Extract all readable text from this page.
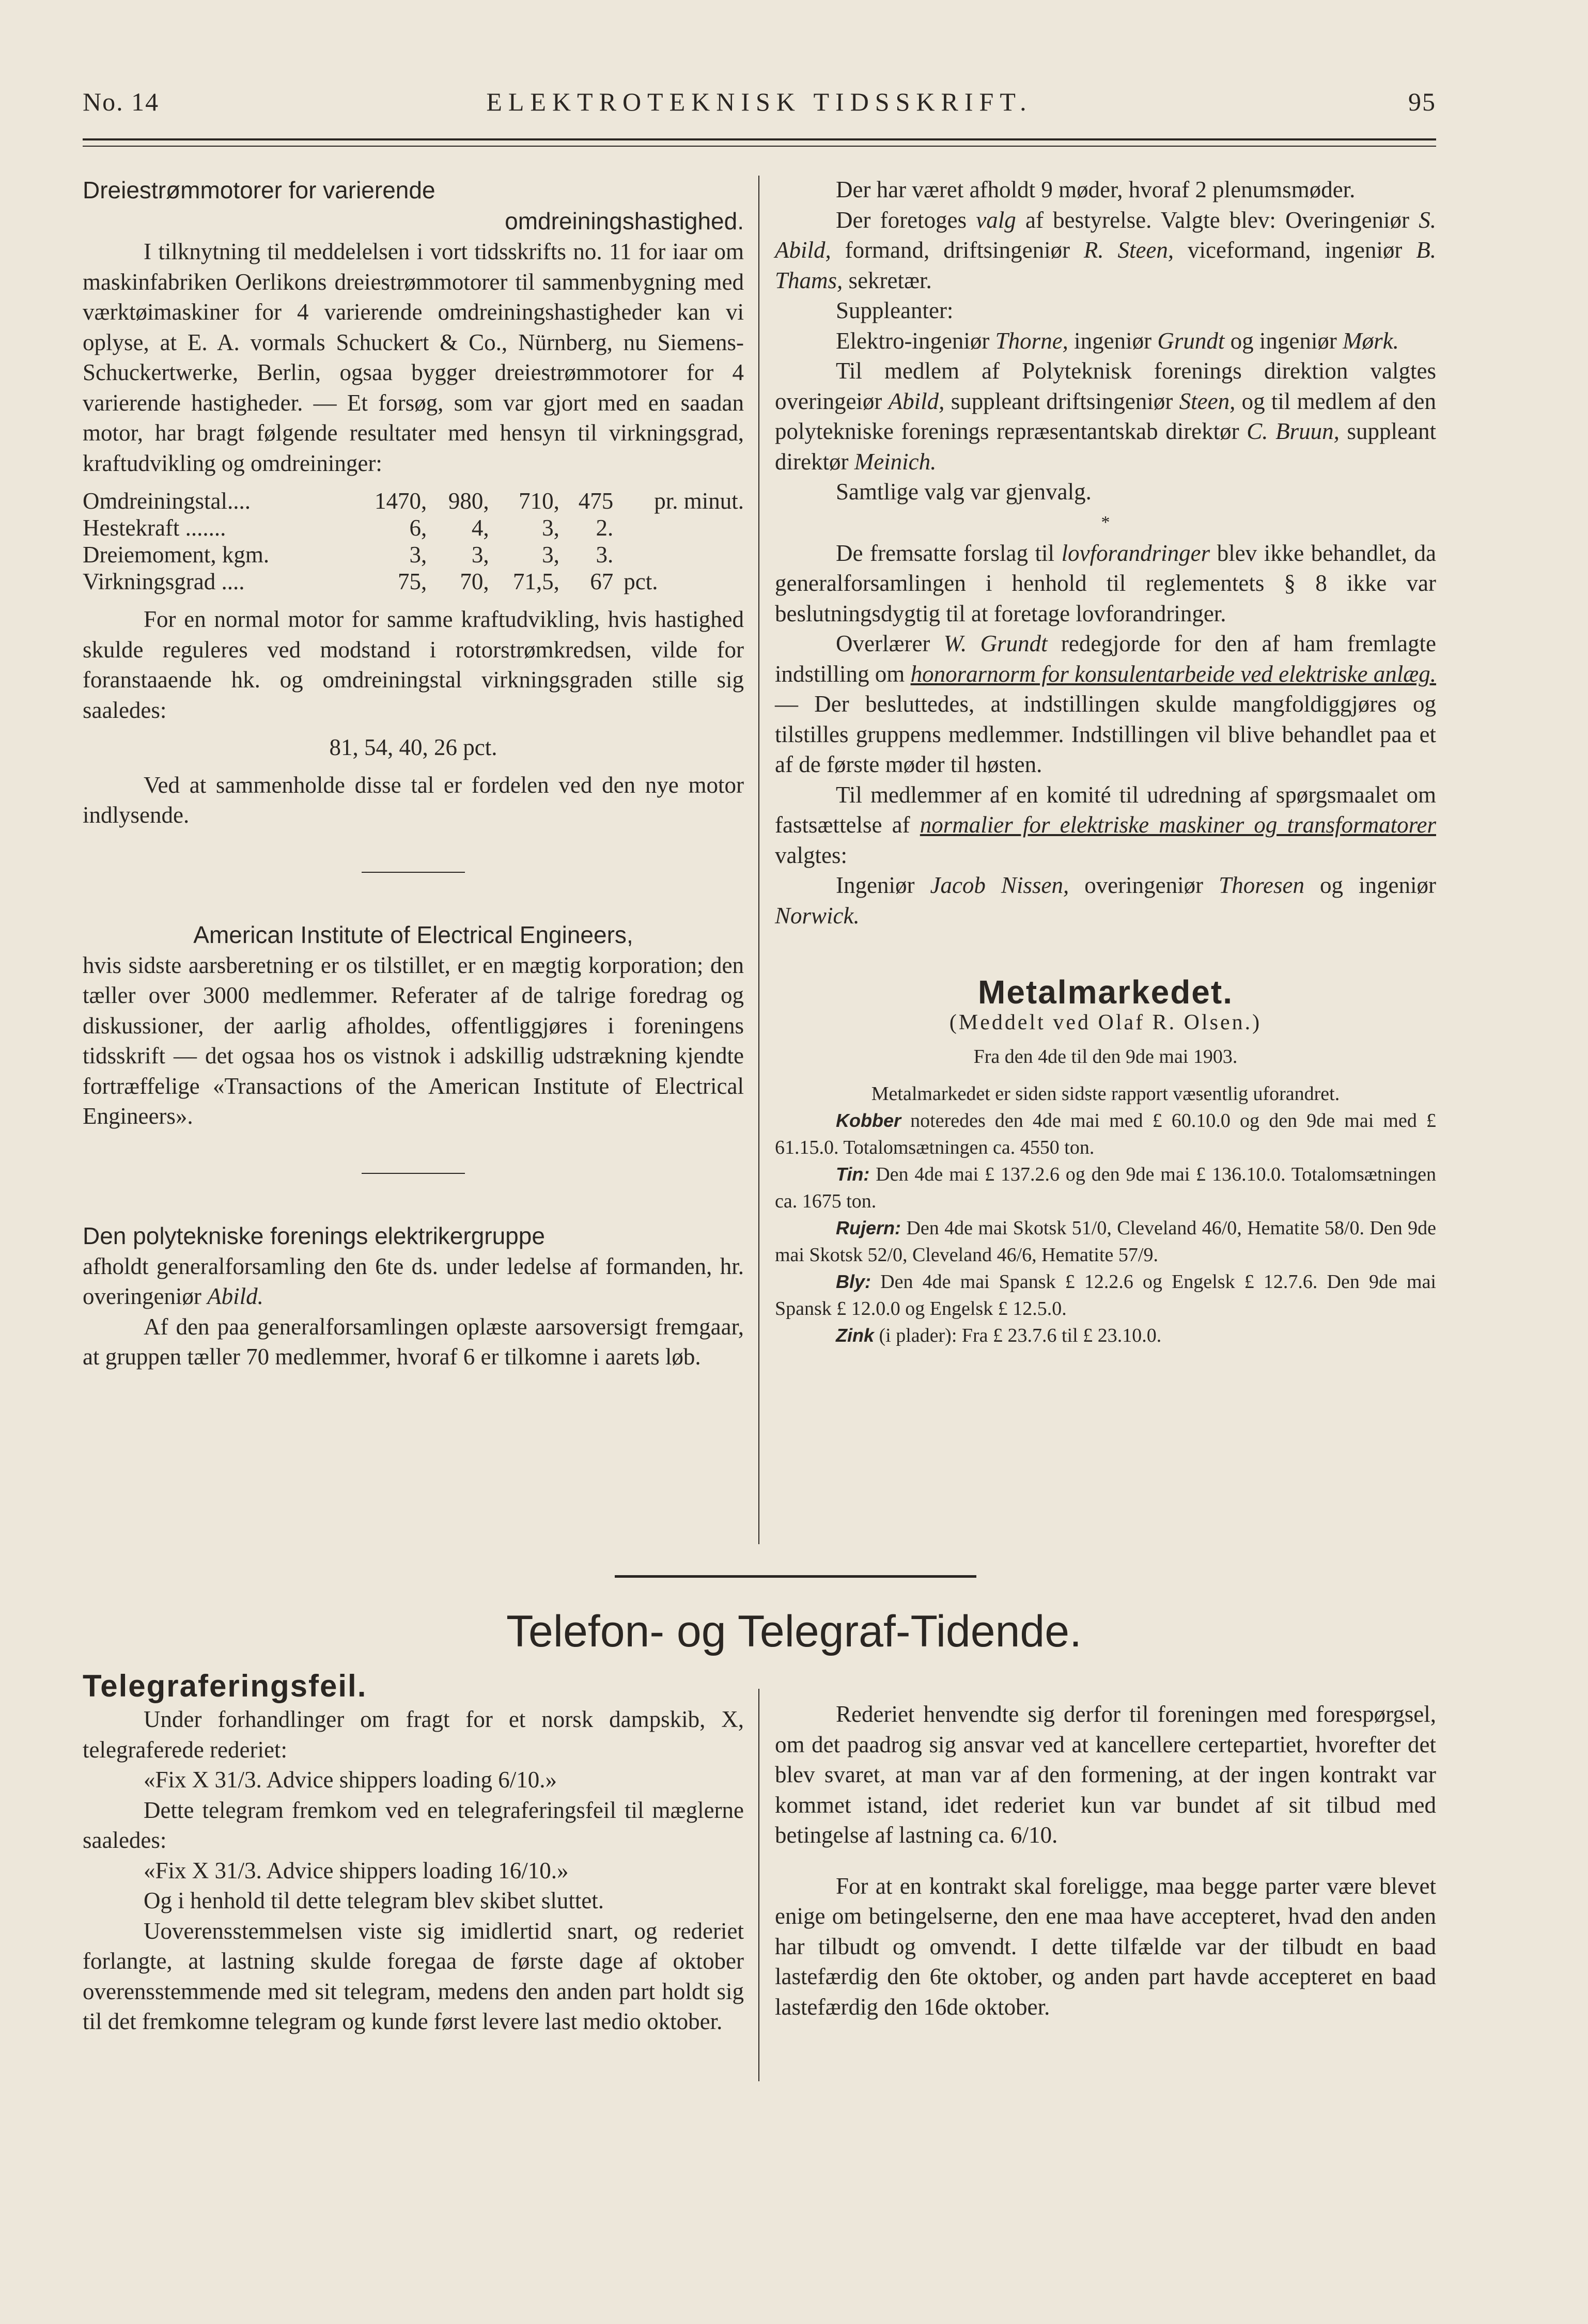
No. 14	ELEKTROTEKNISK TIDSSKRIFT.	95
Dreiestrømmotorer for varierende
omdreiningshastighed.

I tilknytning til meddelelsen i vort tidsskrifts no. 11 for iaar om maskinfabriken Oerlikons dreiestrømmotorer til sammenbygning med værktøimaskiner for 4 varierende omdreiningshastigheder kan vi oplyse, at E. A. vormals Schuckert & Co., Nürnberg, nu Siemens-Schuckertwerke, Berlin, ogsaa bygger dreiestrømmotorer for 4 varierende hastigheder. — Et forsøg, som var gjort med en saadan motor, har bragt følgende resultater med hensyn til virkningsgrad, kraftudvikling og omdreininger:

Omdreiningstal....	1470,	980,	710,	475	pr. minut.
Hestekraft .......	6,	4,	3,	2.	
Dreiemoment, kgm.	3,	3,	3,	3.	
Virkningsgrad ....	75,	70,	71,5,	67	pct.

For en normal motor for samme kraftudvikling, hvis hastighed skulde reguleres ved modstand i rotorstrømkredsen, vilde for foranstaaende hk. og omdreiningstal virkningsgraden stille sig saaledes:

81, 54, 40, 26 pct.

Ved at sammenholde disse tal er fordelen ved den nye motor indlysende.

American Institute of Electrical Engineers,

hvis sidste aarsberetning er os tilstillet, er en mægtig korporation; den tæller over 3000 medlemmer. Referater af de talrige foredrag og diskussioner, der aarlig afholdes, offentliggjøres i foreningens tidsskrift — det ogsaa hos os vistnok i adskillig udstrækning kjendte fortræffelige «Transactions of the American Institute of Electrical Engineers».

Den polytekniske forenings elektrikergruppe

afholdt generalforsamling den 6te ds. under ledelse af formanden, hr. overingeniør Abild.

Af den paa generalforsamlingen oplæste aarsoversigt fremgaar, at gruppen tæller 70 medlemmer, hvoraf 6 er tilkomne i aarets løb.

Der har været afholdt 9 møder, hvoraf 2 plenumsmøder.

Der foretoges valg af bestyrelse. Valgte blev: Overingeniør S. Abild, formand, driftsingeniør R. Steen, viceformand, ingeniør B. Thams, sekretær.

Suppleanter:

Elektro-ingeniør Thorne, ingeniør Grundt og ingeniør Mørk.

Til medlem af Polyteknisk forenings direktion valgtes overingeiør Abild, suppleant driftsingeniør Steen, og til medlem af den polytekniske forenings repræsentantskab direktør C. Bruun, suppleant direktør Meinich.

Samtlige valg var gjenvalg.

*

De fremsatte forslag til lovforandringer blev ikke behandlet, da generalforsamlingen i henhold til reglementets § 8 ikke var beslutningsdygtig til at foretage lovforandringer.

Overlærer W. Grundt redegjorde for den af ham fremlagte indstilling om honorarnorm for konsulentarbeide ved elektriske anlæg. — Der besluttedes, at indstillingen skulde mangfoldiggjøres og tilstilles gruppens medlemmer. Indstillingen vil blive behandlet paa et af de første møder til høsten.

Til medlemmer af en komité til udredning af spørgsmaalet om fastsættelse af normalier for elektriske maskiner og transformatorer valgtes:

Ingeniør Jacob Nissen, overingeniør Thoresen og ingeniør Norwick.

Metalmarkedet.
(Meddelt ved Olaf R. Olsen.)
Fra den 4de til den 9de mai 1903.

Metalmarkedet er siden sidste rapport væsentlig uforandret.

Kobber noteredes den 4de mai med £ 60.10.0 og den 9de mai med £ 61.15.0. Totalomsætningen ca. 4550 ton.

Tin: Den 4de mai £ 137.2.6 og den 9de mai £ 136.10.0. Totalomsætningen ca. 1675 ton.

Rujern: Den 4de mai Skotsk 51/0, Cleveland 46/0, Hematite 58/0. Den 9de mai Skotsk 52/0, Cleveland 46/6, Hematite 57/9.

Bly: Den 4de mai Spansk £ 12.2.6 og Engelsk £ 12.7.6. Den 9de mai Spansk £ 12.0.0 og Engelsk £ 12.5.0.

Zink (i plader): Fra £ 23.7.6 til £ 23.10.0.

Telefon- og Telegraf-Tidende.
Telegraferingsfeil.

Under forhandlinger om fragt for et norsk dampskib, X, telegraferede rederiet:

«Fix X 31/3. Advice shippers loading 6/10.»

Dette telegram fremkom ved en telegraferingsfeil til mæglerne saaledes:

«Fix X 31/3. Advice shippers loading 16/10.»

Og i henhold til dette telegram blev skibet sluttet.

Uoverensstemmelsen viste sig imidlertid snart, og rederiet forlangte, at lastning skulde foregaa de første dage af oktober overensstemmende med sit telegram, medens den anden part holdt sig til det fremkomne telegram og kunde først levere last medio oktober.

Rederiet henvendte sig derfor til foreningen med forespørgsel, om det paadrog sig ansvar ved at kancellere certepartiet, hvorefter det blev svaret, at man var af den formening, at der ingen kontrakt var kommet istand, idet rederiet kun var bundet af sit tilbud med betingelse af lastning ca. 6/10.

For at en kontrakt skal foreligge, maa begge parter være blevet enige om betingelserne, den ene maa have accepteret, hvad den anden har tilbudt og omvendt. I dette tilfælde var der tilbudt en baad lastefærdig den 6te oktober, og anden part havde accepteret en baad lastefærdig den 16de oktober.
